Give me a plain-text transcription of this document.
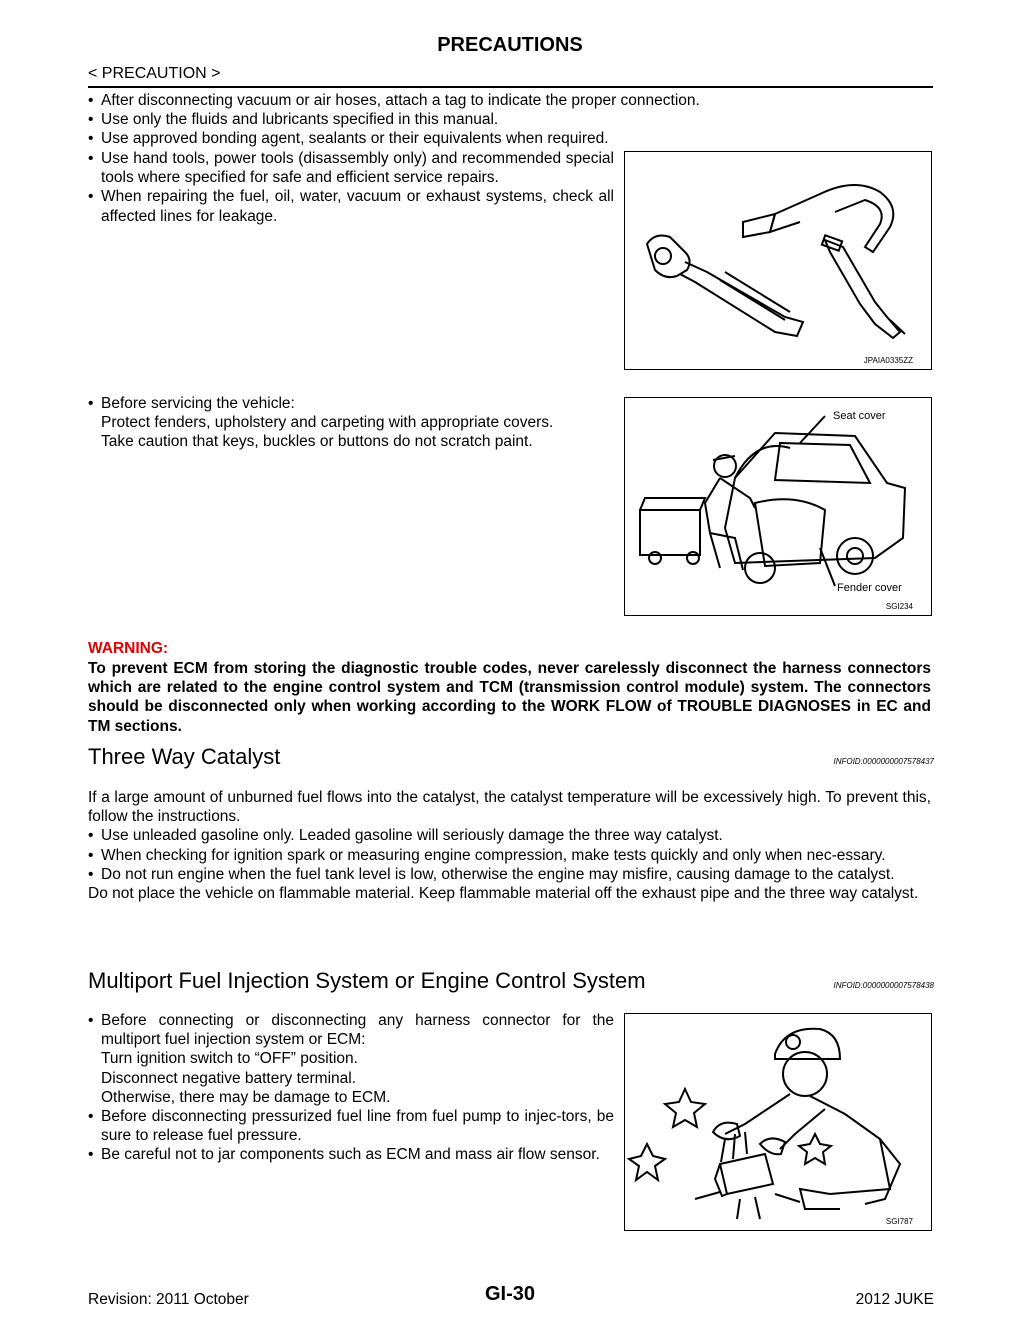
PRECAUTIONS
< PRECAUTION >
• After disconnecting vacuum or air hoses, attach a tag to indicate the proper connection.
• Use only the fluids and lubricants specified in this manual.
• Use approved bonding agent, sealants or their equivalents when required.
• Use hand tools, power tools (disassembly only) and recommended special tools where specified for safe and efficient service repairs.
• When repairing the fuel, oil, water, vacuum or exhaust systems, check all affected lines for leakage.
JPAIA0335ZZ
• Before servicing the vehicle:
Protect fenders, upholstery and carpeting with appropriate covers.
Take caution that keys, buckles or buttons do not scratch paint.
Seat cover
Fender cover
SGI234
WARNING:
To prevent ECM from storing the diagnostic trouble codes, never carelessly disconnect the harness connectors which are related to the engine control system and TCM (transmission control module) system. The connectors should be disconnected only when working according to the WORK FLOW of TROUBLE DIAGNOSES in EC and TM sections.
Three Way Catalyst	INFOID:0000000007578437
If a large amount of unburned fuel flows into the catalyst, the catalyst temperature will be excessively high. To prevent this, follow the instructions.
• Use unleaded gasoline only. Leaded gasoline will seriously damage the three way catalyst.
• When checking for ignition spark or measuring engine compression, make tests quickly and only when nec-essary.
• Do not run engine when the fuel tank level is low, otherwise the engine may misfire, causing damage to the catalyst.
Do not place the vehicle on flammable material. Keep flammable material off the exhaust pipe and the three way catalyst.
Multiport Fuel Injection System or Engine Control System	INFOID:0000000007578438
• Before connecting or disconnecting any harness connector for the multiport fuel injection system or ECM:
Turn ignition switch to “OFF” position.
Disconnect negative battery terminal.
Otherwise, there may be damage to ECM.
• Before disconnecting pressurized fuel line from fuel pump to injec-tors, be sure to release fuel pressure.
• Be careful not to jar components such as ECM and mass air flow sensor.
SGI787
Revision: 2011 October	GI-30	2012 JUKE
